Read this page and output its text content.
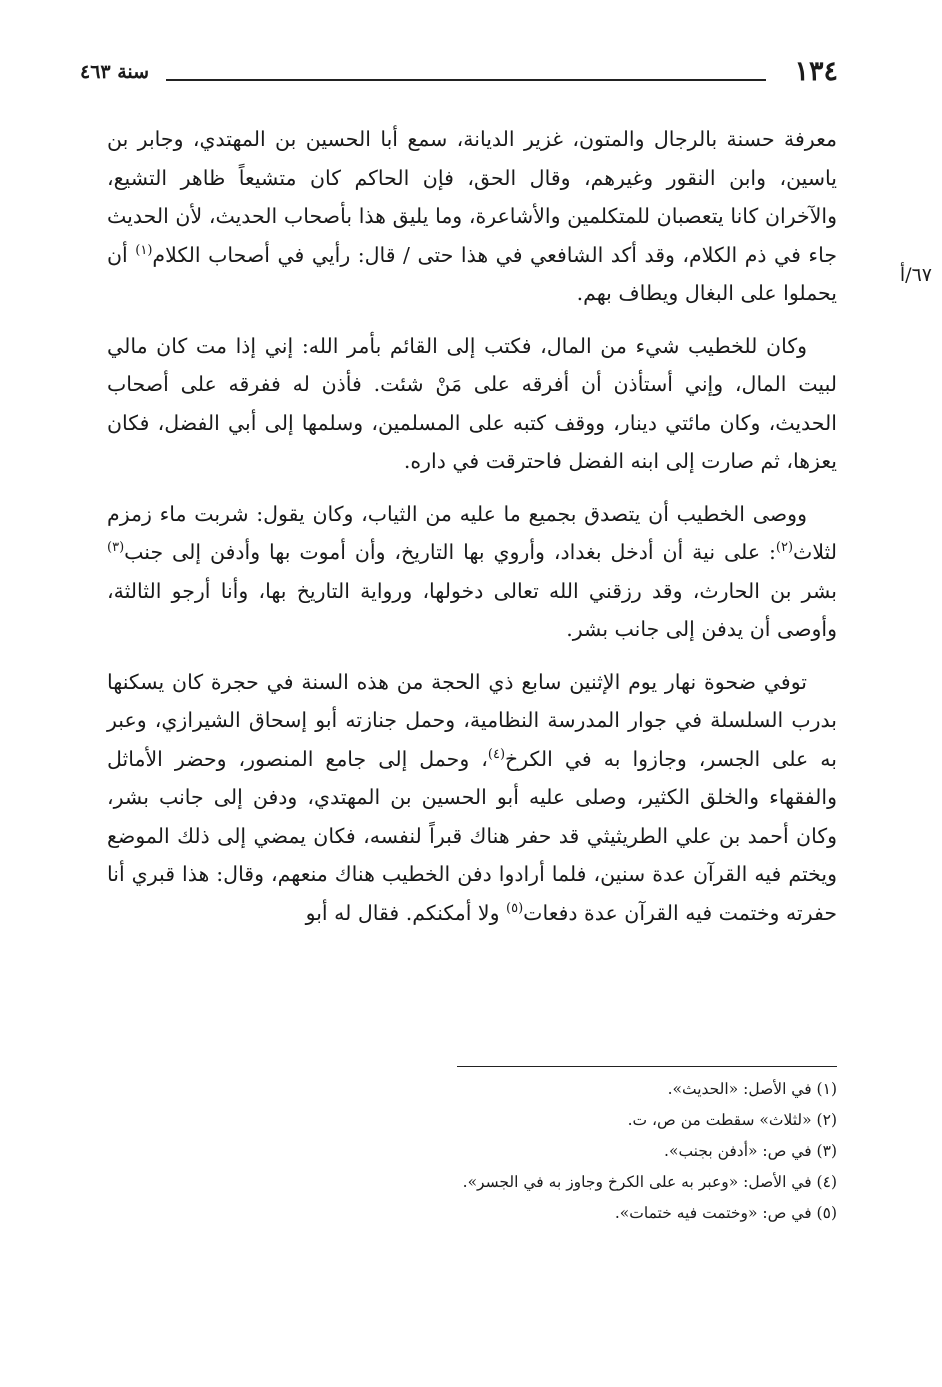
١٣٤
سنة ٤٦٣
٦٧/أ

معرفة حسنة بالرجال والمتون، غزير الديانة، سمع أبا الحسين بن المهتدي، وجابر بن ياسين، وابن النقور وغيرهم، وقال الحق، فإن الحاكم كان متشيعاً ظاهر التشيع، والآخران كانا يتعصبان للمتكلمين والأشاعرة، وما يليق هذا بأصحاب الحديث، لأن الحديث جاء في ذم الكلام، وقد أكد الشافعي في هذا حتى / قال: رأيي في أصحاب الكلام$^{(١)}$ أن يحملوا على البغال ويطاف بهم.

وكان للخطيب شيء من المال، فكتب إلى القائم بأمر الله: إني إذا مت كان مالي لبيت المال، وإني أستأذن أن أفرقه على مَنْ شئت. فأذن له ففرقه على أصحاب الحديث، وكان مائتي دينار، ووقف كتبه على المسلمين، وسلمها إلى أبي الفضل، فكان يعزها، ثم صارت إلى ابنه الفضل فاحترقت في داره.

ووصى الخطيب أن يتصدق بجميع ما عليه من الثياب، وكان يقول: شربت ماء زمزم لثلاث$^{(٢)}$: على نية أن أدخل بغداد، وأروي بها التاريخ، وأن أموت بها وأدفن إلى جنب$^{(٣)}$ بشر بن الحارث، وقد رزقني الله تعالى دخولها، ورواية التاريخ بها، وأنا أرجو الثالثة، وأوصى أن يدفن إلى جانب بشر.

توفي ضحوة نهار يوم الإثنين سابع ذي الحجة من هذه السنة في حجرة كان يسكنها بدرب السلسلة في جوار المدرسة النظامية، وحمل جنازته أبو إسحاق الشيرازي، وعبر به على الجسر، وجازوا به في الكرخ$^{(٤)}$، وحمل إلى جامع المنصور، وحضر الأماثل والفقهاء والخلق الكثير، وصلى عليه أبو الحسين بن المهتدي، ودفن إلى جانب بشر، وكان أحمد بن علي الطريثيثي قد حفر هناك قبراً لنفسه، فكان يمضي إلى ذلك الموضع ويختم فيه القرآن عدة سنين، فلما أرادوا دفن الخطيب هناك منعهم، وقال: هذا قبري أنا حفرته وختمت فيه القرآن عدة دفعات$^{(٥)}$ ولا أمكنكم. فقال له أبو

(١) في الأصل: «الحديث».

(٢) «لثلاث» سقطت من ص، ت.

(٣) في ص: «أدفن بجنب».

(٤) في الأصل: «وعبر به على الكرخ وجاوز به في الجسر».

(٥) في ص: «وختمت فيه ختمات».
